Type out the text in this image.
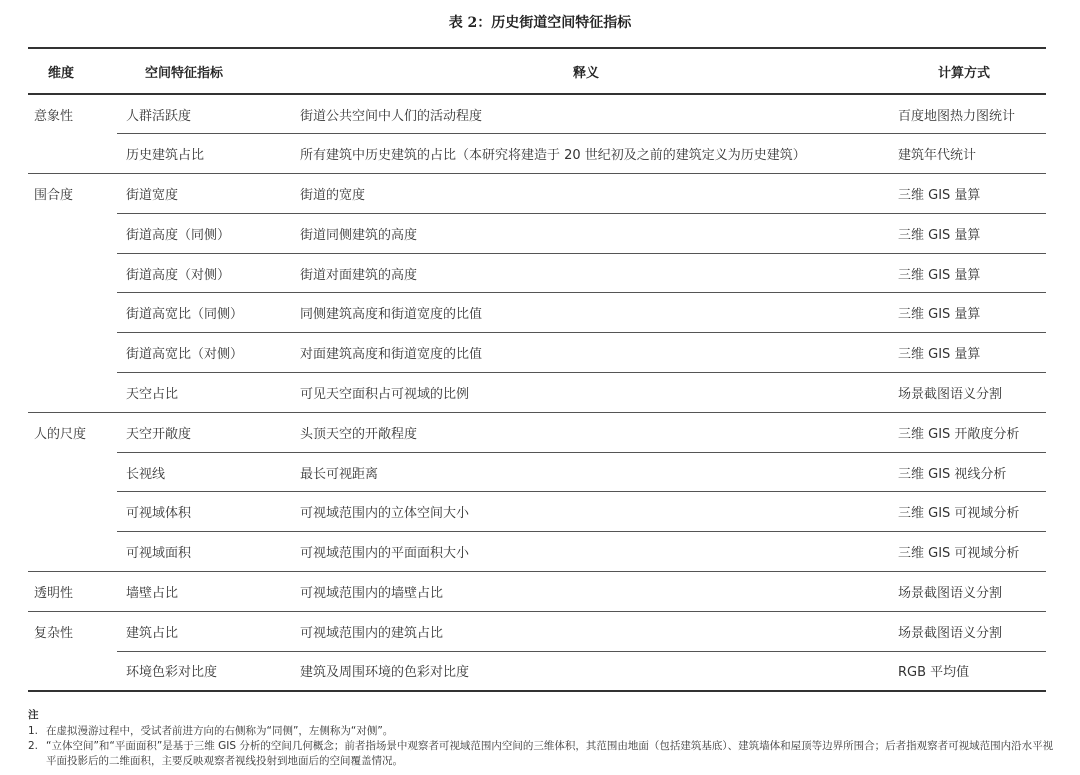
表 2：历史街道空间特征指标
维度	空间特征指标	释义	计算方式
意象性	人群活跃度	街道公共空间中人们的活动程度	百度地图热力图统计
	历史建筑占比	所有建筑中历史建筑的占比（本研究将建造于 20 世纪初及之前的建筑定义为历史建筑）	建筑年代统计
围合度	街道宽度	街道的宽度	三维 GIS 量算
	街道高度（同侧）	街道同侧建筑的高度	三维 GIS 量算
	街道高度（对侧）	街道对面建筑的高度	三维 GIS 量算
	街道高宽比（同侧）	同侧建筑高度和街道宽度的比值	三维 GIS 量算
	街道高宽比（对侧）	对面建筑高度和街道宽度的比值	三维 GIS 量算
	天空占比	可见天空面积占可视域的比例	场景截图语义分割
人的尺度	天空开敞度	头顶天空的开敞程度	三维 GIS 开敞度分析
	长视线	最长可视距离	三维 GIS 视线分析
	可视域体积	可视域范围内的立体空间大小	三维 GIS 可视域分析
	可视域面积	可视域范围内的平面面积大小	三维 GIS 可视域分析
透明性	墙壁占比	可视域范围内的墙壁占比	场景截图语义分割
复杂性	建筑占比	可视域范围内的建筑占比	场景截图语义分割
	环境色彩对比度	建筑及周围环境的色彩对比度	RGB 平均值
注
1. 在虚拟漫游过程中，受试者前进方向的右侧称为“同侧”，左侧称为“对侧”。
2. “立体空间”和“平面面积”是基于三维 GIS 分析的空间几何概念；前者指场景中观察者可视域范围内空间的三维体积，其范围由地面（包括建筑基底）、建筑墙体和屋顶等边界所围合；后者指观察者可视域范围内沿水平视平面投影后的二维面积，主要反映观察者视线投射到地面后的空间覆盖情况。
